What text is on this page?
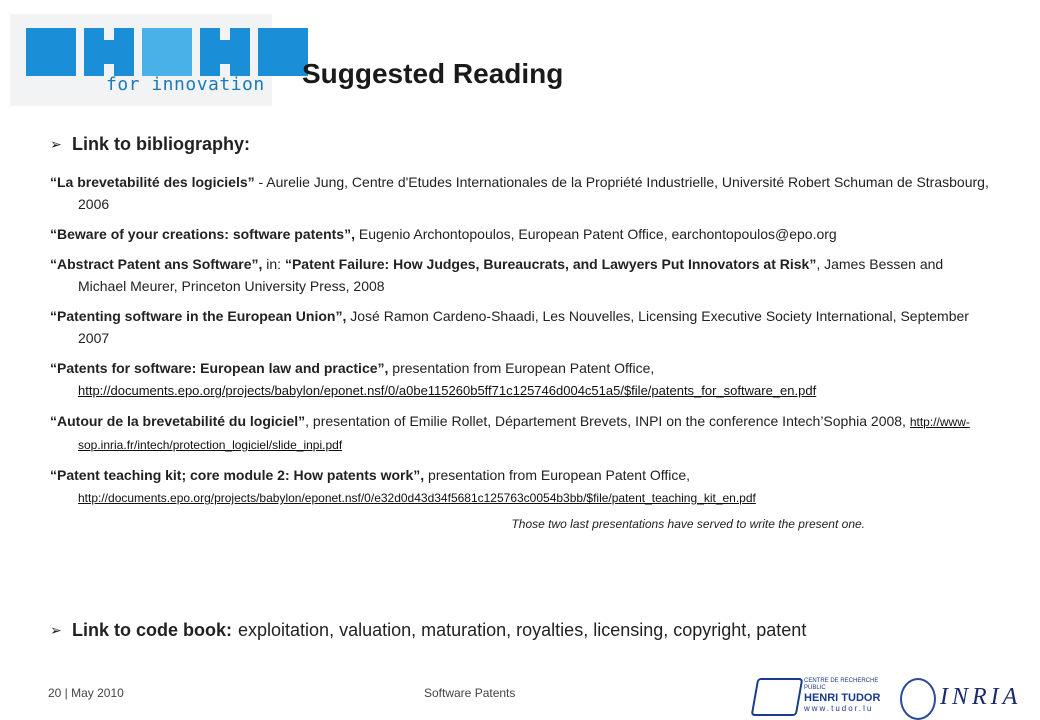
for innovation Suggested Reading
➢ Link to bibliography:
“La brevetabilité des logiciels” - Aurelie Jung, Centre d'Etudes Internationales de la Propriété Industrielle, Université Robert Schuman de Strasbourg, 2006
“Beware of your creations: software patents”, Eugenio Archontopoulos, European Patent Office, earchontopoulos@epo.org
“Abstract Patent ans Software”, in: “Patent Failure: How Judges, Bureaucrats, and Lawyers Put Innovators at Risk”, James Bessen and Michael Meurer, Princeton University Press, 2008
“Patenting software in the European Union”, José Ramon Cardeno-Shaadi, Les Nouvelles, Licensing Executive Society International, September 2007
“Patents for software: European law and practice”, presentation from European Patent Office,
http://documents.epo.org/projects/babylon/eponet.nsf/0/a0be115260b5ff71c125746d004c51a5/$file/patents_for_software_en.pdf
“Autour de la brevetabilité du logiciel”, presentation of Emilie Rollet, Département Brevets, INPI on the conference Intech’Sophia 2008, http://www-sop.inria.fr/intech/protection_logiciel/slide_inpi.pdf
“Patent teaching kit; core module 2: How patents work”, presentation from European Patent Office,
http://documents.epo.org/projects/babylon/eponet.nsf/0/e32d0d43d34f5681c125763c0054b3bb/$file/patent_teaching_kit_en.pdf
Those two last presentations have served to write the present one.
➢ Link to code book: exploitation, valuation, maturation, royalties, licensing, copyright, patent
20 | May 2010	Software Patents
CENTRE DE RECHERCHE PUBLIC
HENRI TUDOR
www.tudor.lu	INRIA
